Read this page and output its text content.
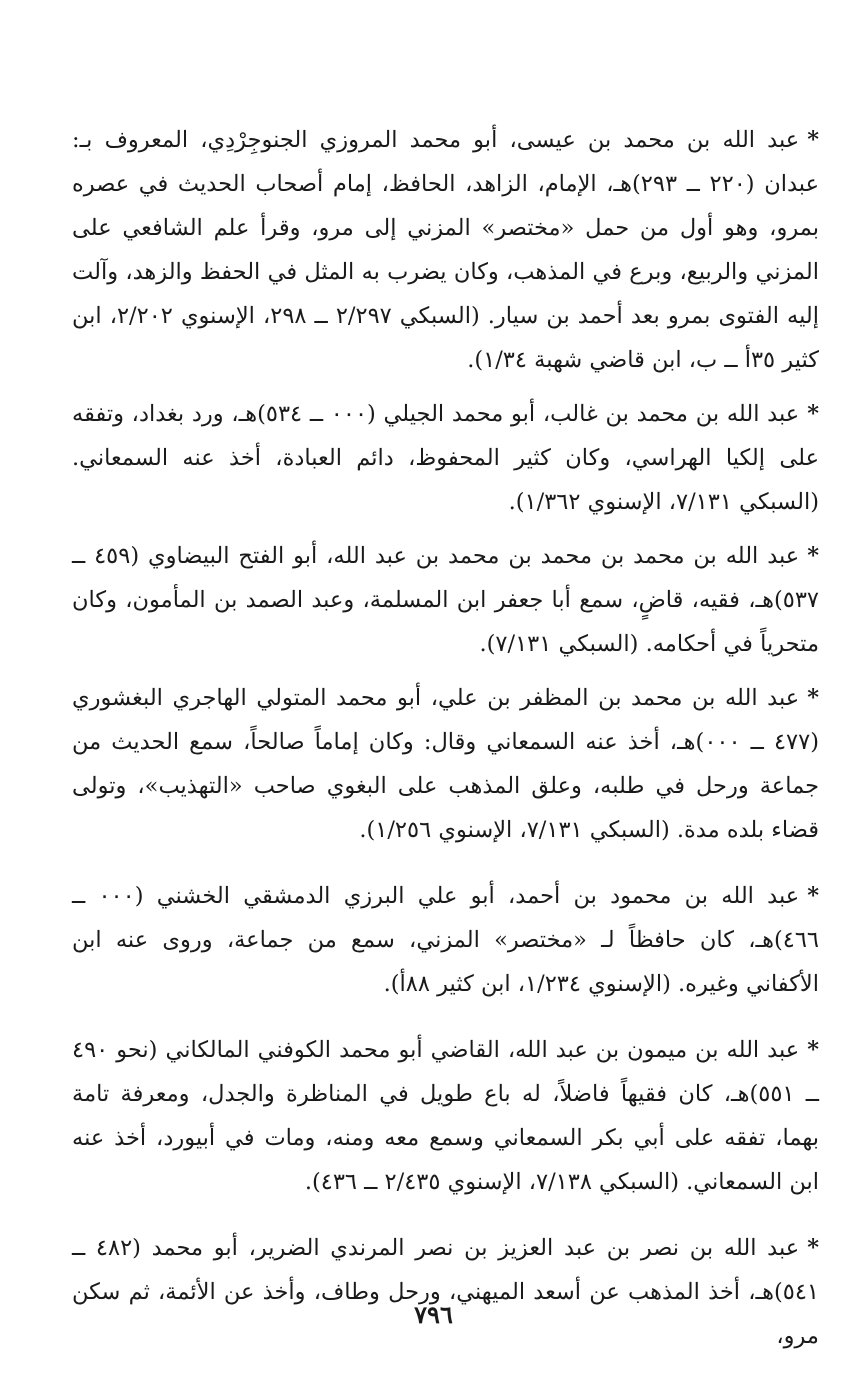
*عبد الله بن محمد بن عيسى، أبو محمد المروزي الجنوجِرْدِي، المعروف بـ: عبدان (٢٢٠ ــ ٢٩٣)هـ، الإمام، الزاهد، الحافظ، إمام أصحاب الحديث في عصره بمرو، وهو أول من حمل «مختصر» المزني إلى مرو، وقرأ علم الشافعي على المزني والربيع، وبرع في المذهب، وكان يضرب به المثل في الحفظ والزهد، وآلت إليه الفتوى بمرو بعد أحمد بن سيار. (السبكي ٢/٢٩٧ ــ ٢٩٨، الإسنوي ٢/٢٠٢، ابن كثير ٣٥أ ــ ب، ابن قاضي شهبة ١/٣٤).

*عبد الله بن محمد بن غالب، أبو محمد الجيلي (٠٠٠ ــ ٥٣٤)هـ، ورد بغداد، وتفقه على إلكيا الهراسي، وكان كثير المحفوظ، دائم العبادة، أخذ عنه السمعاني. (السبكي ٧/١٣١، الإسنوي ١/٣٦٢).

*عبد الله بن محمد بن محمد بن محمد بن عبد الله، أبو الفتح البيضاوي (٤٥٩ ــ ٥٣٧)هـ، فقيه، قاضٍ، سمع أبا جعفر ابن المسلمة، وعبد الصمد بن المأمون، وكان متحرياً في أحكامه. (السبكي ٧/١٣١).

*عبد الله بن محمد بن المظفر بن علي، أبو محمد المتولي الهاجري البغشوري (٤٧٧ ــ ٠٠٠)هـ، أخذ عنه السمعاني وقال: وكان إماماً صالحاً، سمع الحديث من جماعة ورحل في طلبه، وعلق المذهب على البغوي صاحب «التهذيب»، وتولى قضاء بلده مدة. (السبكي ٧/١٣١، الإسنوي ١/٢٥٦).

*عبد الله بن محمود بن أحمد، أبو علي البرزي الدمشقي الخشني (٠٠٠ ــ ٤٦٦)هـ، كان حافظاً لـ «مختصر» المزني، سمع من جماعة، وروى عنه ابن الأكفاني وغيره. (الإسنوي ١/٢٣٤، ابن كثير ٨٨أ).

*عبد الله بن ميمون بن عبد الله، القاضي أبو محمد الكوفني المالكاني (نحو ٤٩٠ ــ ٥٥١)هـ، كان فقيهاً فاضلاً، له باع طويل في المناظرة والجدل، ومعرفة تامة بهما، تفقه على أبي بكر السمعاني وسمع معه ومنه، ومات في أبيورد، أخذ عنه ابن السمعاني. (السبكي ٧/١٣٨، الإسنوي ٢/٤٣٥ ــ ٤٣٦).

*عبد الله بن نصر بن عبد العزيز بن نصر المرندي الضرير، أبو محمد (٤٨٢ ــ ٥٤١)هـ، أخذ المذهب عن أسعد الميهني، ورحل وطاف، وأخذ عن الأئمة، ثم سكن مرو،

٧٩٦
